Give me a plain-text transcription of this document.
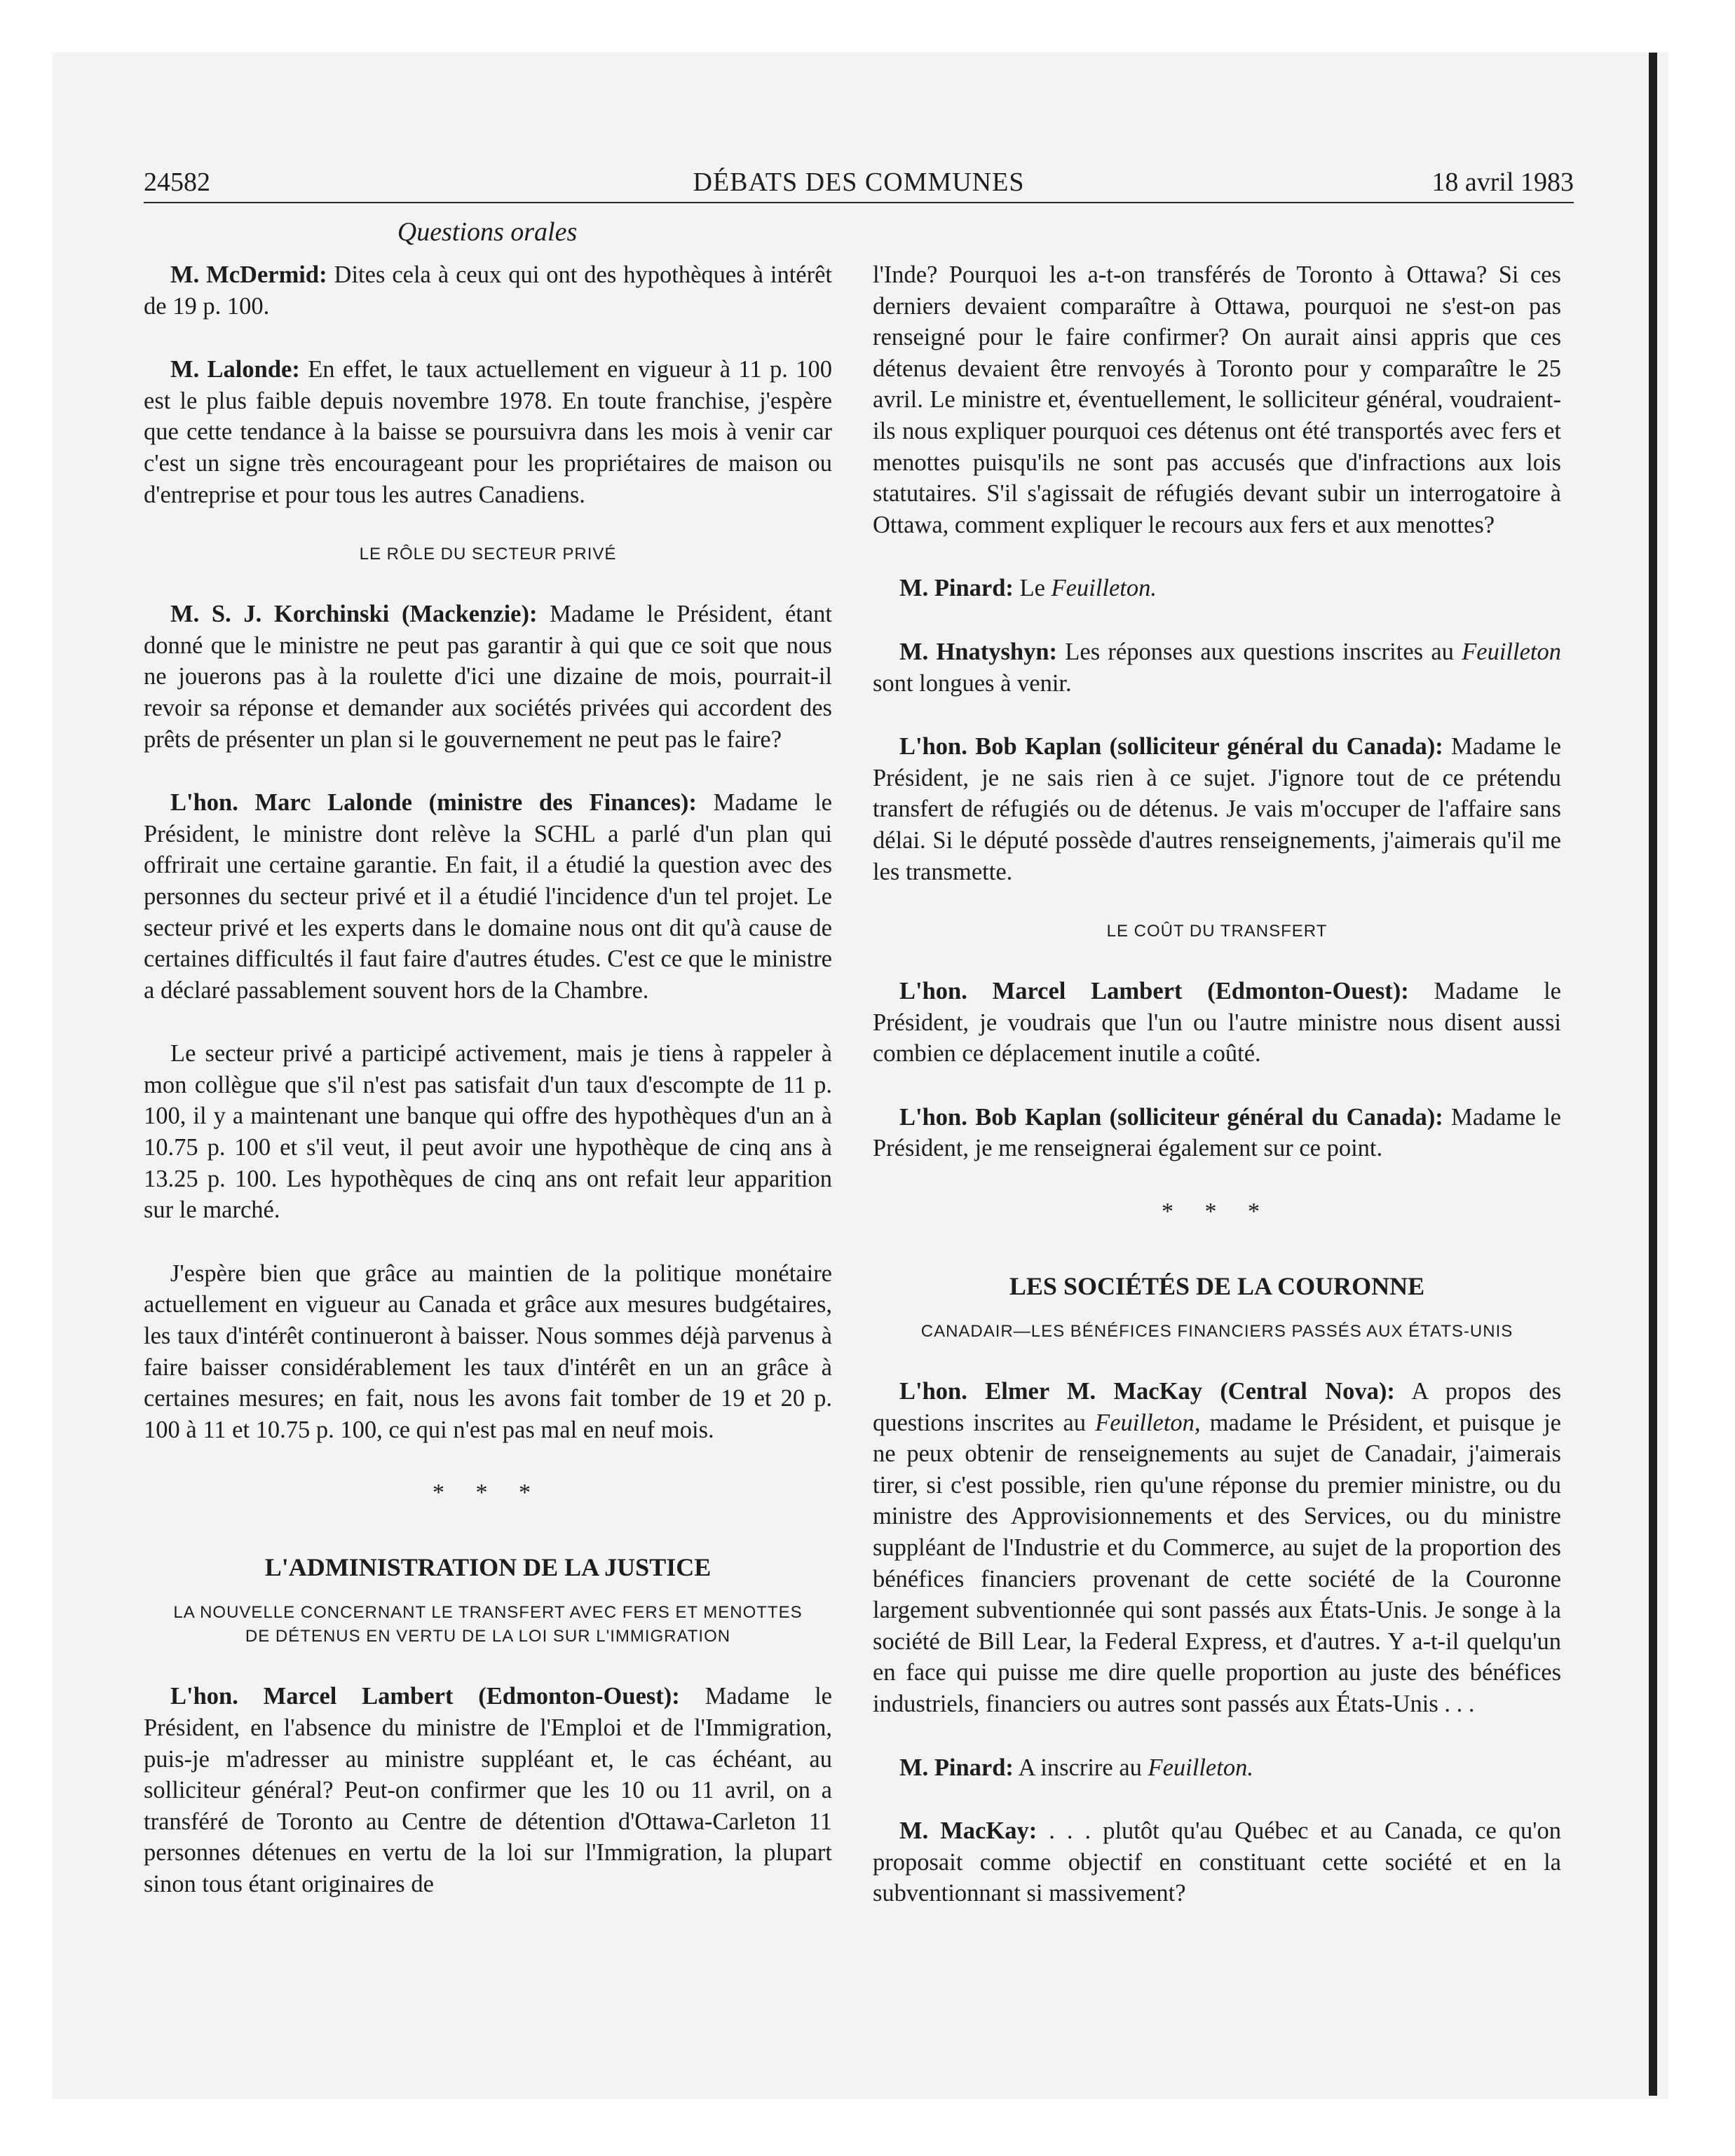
24582	DÉBATS DES COMMUNES	18 avril 1983
Questions orales

M. McDermid: Dites cela à ceux qui ont des hypothèques à intérêt de 19 p. 100.

M. Lalonde: En effet, le taux actuellement en vigueur à 11 p. 100 est le plus faible depuis novembre 1978. En toute franchise, j'espère que cette tendance à la baisse se poursuivra dans les mois à venir car c'est un signe très encourageant pour les propriétaires de maison ou d'entreprise et pour tous les autres Canadiens.

LE RÔLE DU SECTEUR PRIVÉ

M. S. J. Korchinski (Mackenzie): Madame le Président, étant donné que le ministre ne peut pas garantir à qui que ce soit que nous ne jouerons pas à la roulette d'ici une dizaine de mois, pourrait-il revoir sa réponse et demander aux sociétés privées qui accordent des prêts de présenter un plan si le gouvernement ne peut pas le faire?

L'hon. Marc Lalonde (ministre des Finances): Madame le Président, le ministre dont relève la SCHL a parlé d'un plan qui offrirait une certaine garantie. En fait, il a étudié la question avec des personnes du secteur privé et il a étudié l'incidence d'un tel projet. Le secteur privé et les experts dans le domaine nous ont dit qu'à cause de certaines difficultés il faut faire d'autres études. C'est ce que le ministre a déclaré passablement souvent hors de la Chambre.

Le secteur privé a participé activement, mais je tiens à rappeler à mon collègue que s'il n'est pas satisfait d'un taux d'escompte de 11 p. 100, il y a maintenant une banque qui offre des hypothèques d'un an à 10.75 p. 100 et s'il veut, il peut avoir une hypothèque de cinq ans à 13.25 p. 100. Les hypothèques de cinq ans ont refait leur apparition sur le marché.

J'espère bien que grâce au maintien de la politique monétaire actuellement en vigueur au Canada et grâce aux mesures budgétaires, les taux d'intérêt continueront à baisser. Nous sommes déjà parvenus à faire baisser considérablement les taux d'intérêt en un an grâce à certaines mesures; en fait, nous les avons fait tomber de 19 et 20 p. 100 à 11 et 10.75 p. 100, ce qui n'est pas mal en neuf mois.

* * *
L'ADMINISTRATION DE LA JUSTICE
LA NOUVELLE CONCERNANT LE TRANSFERT AVEC FERS ET MENOTTES DE DÉTENUS EN VERTU DE LA LOI SUR L'IMMIGRATION

L'hon. Marcel Lambert (Edmonton-Ouest): Madame le Président, en l'absence du ministre de l'Emploi et de l'Immigration, puis-je m'adresser au ministre suppléant et, le cas échéant, au solliciteur général? Peut-on confirmer que les 10 ou 11 avril, on a transféré de Toronto au Centre de détention d'Ottawa-Carleton 11 personnes détenues en vertu de la loi sur l'Immigration, la plupart sinon tous étant originaires de

l'Inde? Pourquoi les a-t-on transférés de Toronto à Ottawa? Si ces derniers devaient comparaître à Ottawa, pourquoi ne s'est-on pas renseigné pour le faire confirmer? On aurait ainsi appris que ces détenus devaient être renvoyés à Toronto pour y comparaître le 25 avril. Le ministre et, éventuellement, le solliciteur général, voudraient-ils nous expliquer pourquoi ces détenus ont été transportés avec fers et menottes puisqu'ils ne sont pas accusés que d'infractions aux lois statutaires. S'il s'agissait de réfugiés devant subir un interrogatoire à Ottawa, comment expliquer le recours aux fers et aux menottes?

M. Pinard: Le Feuilleton.

M. Hnatyshyn: Les réponses aux questions inscrites au Feuilleton sont longues à venir.

L'hon. Bob Kaplan (solliciteur général du Canada): Madame le Président, je ne sais rien à ce sujet. J'ignore tout de ce prétendu transfert de réfugiés ou de détenus. Je vais m'occuper de l'affaire sans délai. Si le député possède d'autres renseignements, j'aimerais qu'il me les transmette.

LE COÛT DU TRANSFERT

L'hon. Marcel Lambert (Edmonton-Ouest): Madame le Président, je voudrais que l'un ou l'autre ministre nous disent aussi combien ce déplacement inutile a coûté.

L'hon. Bob Kaplan (solliciteur général du Canada): Madame le Président, je me renseignerai également sur ce point.

* * *
LES SOCIÉTÉS DE LA COURONNE
CANADAIR—LES BÉNÉFICES FINANCIERS PASSÉS AUX ÉTATS-UNIS

L'hon. Elmer M. MacKay (Central Nova): A propos des questions inscrites au Feuilleton, madame le Président, et puisque je ne peux obtenir de renseignements au sujet de Canadair, j'aimerais tirer, si c'est possible, rien qu'une réponse du premier ministre, ou du ministre des Approvisionnements et des Services, ou du ministre suppléant de l'Industrie et du Commerce, au sujet de la proportion des bénéfices financiers provenant de cette société de la Couronne largement subventionnée qui sont passés aux États-Unis. Je songe à la société de Bill Lear, la Federal Express, et d'autres. Y a-t-il quelqu'un en face qui puisse me dire quelle proportion au juste des bénéfices industriels, financiers ou autres sont passés aux États-Unis . . .

M. Pinard: A inscrire au Feuilleton.

M. MacKay: . . . plutôt qu'au Québec et au Canada, ce qu'on proposait comme objectif en constituant cette société et en la subventionnant si massivement?
